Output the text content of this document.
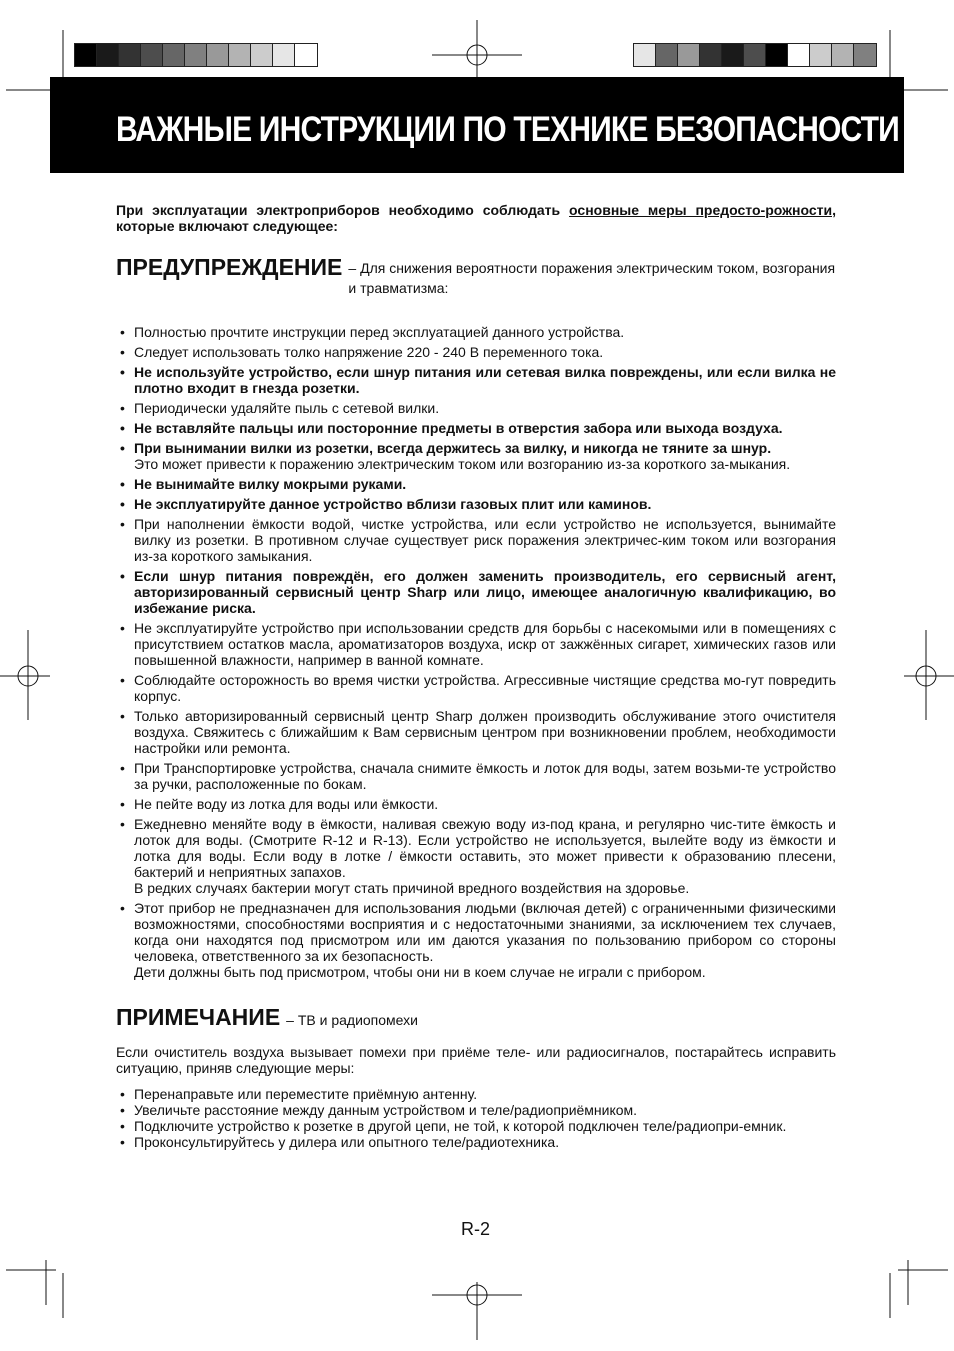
ВАЖНЫЕ ИНСТРУКЦИИ ПО ТЕХНИКЕ БЕЗОПАСНОСТИ

При эксплуатации электроприборов необходимо соблюдать основные меры предосто-рожности, которые включают следующее:

ПРЕДУПРЕЖДЕНИЕ – Для снижения вероятности поражения электрическим током, возгорания и травматизма:
• Полностью прочтите инструкции перед эксплуатацией данного устройства.
• Следует использовать толко напряжение 220 - 240 В переменного тока.
• Не используйте устройство, если шнур питания или сетевая вилка повреждены, или если вилка не плотно входит в гнезда розетки.
• Периодически удаляйте пыль с сетевой вилки.
• Не вставляйте пальцы или посторонние предметы в отверстия забора или выхода воздуха.
• При вынимании вилки из розетки, всегда держитесь за вилку, и никогда не тяните за шнур.
Это может привести к поражению электрическим током или возгоранию из-за короткого за-мыкания.
• Не вынимайте вилку мокрыми руками.
• Не эксплуатируйте данное устройство вблизи газовых плит или каминов.
• При наполнении ёмкости водой, чистке устройства, или если устройство не используется, вынимайте вилку из розетки. В противном случае существует риск поражения электричес-ким током или возгорания из-за короткого замыкания.
• Если шнур питания повреждён, его должен заменить производитель, его сервисный агент, авторизированный сервисный центр Sharp или лицо, имеющее аналогичную квалификацию, во избежание риска.
• Не эксплуатируйте устройство при использовании средств для борьбы с насекомыми или в помещениях с присутствием остатков масла, ароматизаторов воздуха, искр от зажжённых сигарет, химических газов или повышенной влажности, например в ванной комнате.
• Соблюдайте осторожность во время чистки устройства. Агрессивные чистящие средства мо-гут повредить корпус.
• Только авторизированный сервисный центр Sharp должен производить обслуживание этого очистителя воздуха. Свяжитесь с ближайшим к Вам сервисным центром при возникновении проблем, необходимости настройки или ремонта.
• При Транспортировке устройства, сначала снимите ёмкость и лоток для воды, затем возьми-те устройство за ручки, расположенные по бокам.
• Не пейте воду из лотка для воды или ёмкости.
• Ежедневно меняйте воду в ёмкости, наливая свежую воду из-под крана, и регулярно чис-тите ёмкость и лоток для воды. (Смотрите R-12 и R-13). Если устройство не используется, вылейте воду из ёмкости и лотка для воды. Если воду в лотке / ёмкости оставить, это может привести к образованию плесени, бактерий и неприятных запахов.
В редких случаях бактерии могут стать причиной вредного воздействия на здоровье.
• Этот прибор не предназначен для использования людьми (включая детей) с ограниченными физическими возможностями, способностями восприятия и с недостаточными знаниями, за исключением тех случаев, когда они находятся под присмотром или им даются указания по пользованию прибором со стороны человека, ответственного за их безопасность.
Дети должны быть под присмотром, чтобы они ни в коем случае не играли с прибором.
ПРИМЕЧАНИЕ – ТВ и радиопомехи

Если очиститель воздуха вызывает помехи при приёме теле- или радиосигналов, постарайтесь исправить ситуацию, приняв следующие меры:

• Перенаправьте или переместите приёмную антенну.
• Увеличьте расстояние между данным устройством и теле/радиоприёмником.
• Подключите устройство к розетке в другой цепи, не той, к которой подключен теле/радиопри-емник.
• Проконсультируйтесь у дилера или опытного теле/радиотехника.
R-2
